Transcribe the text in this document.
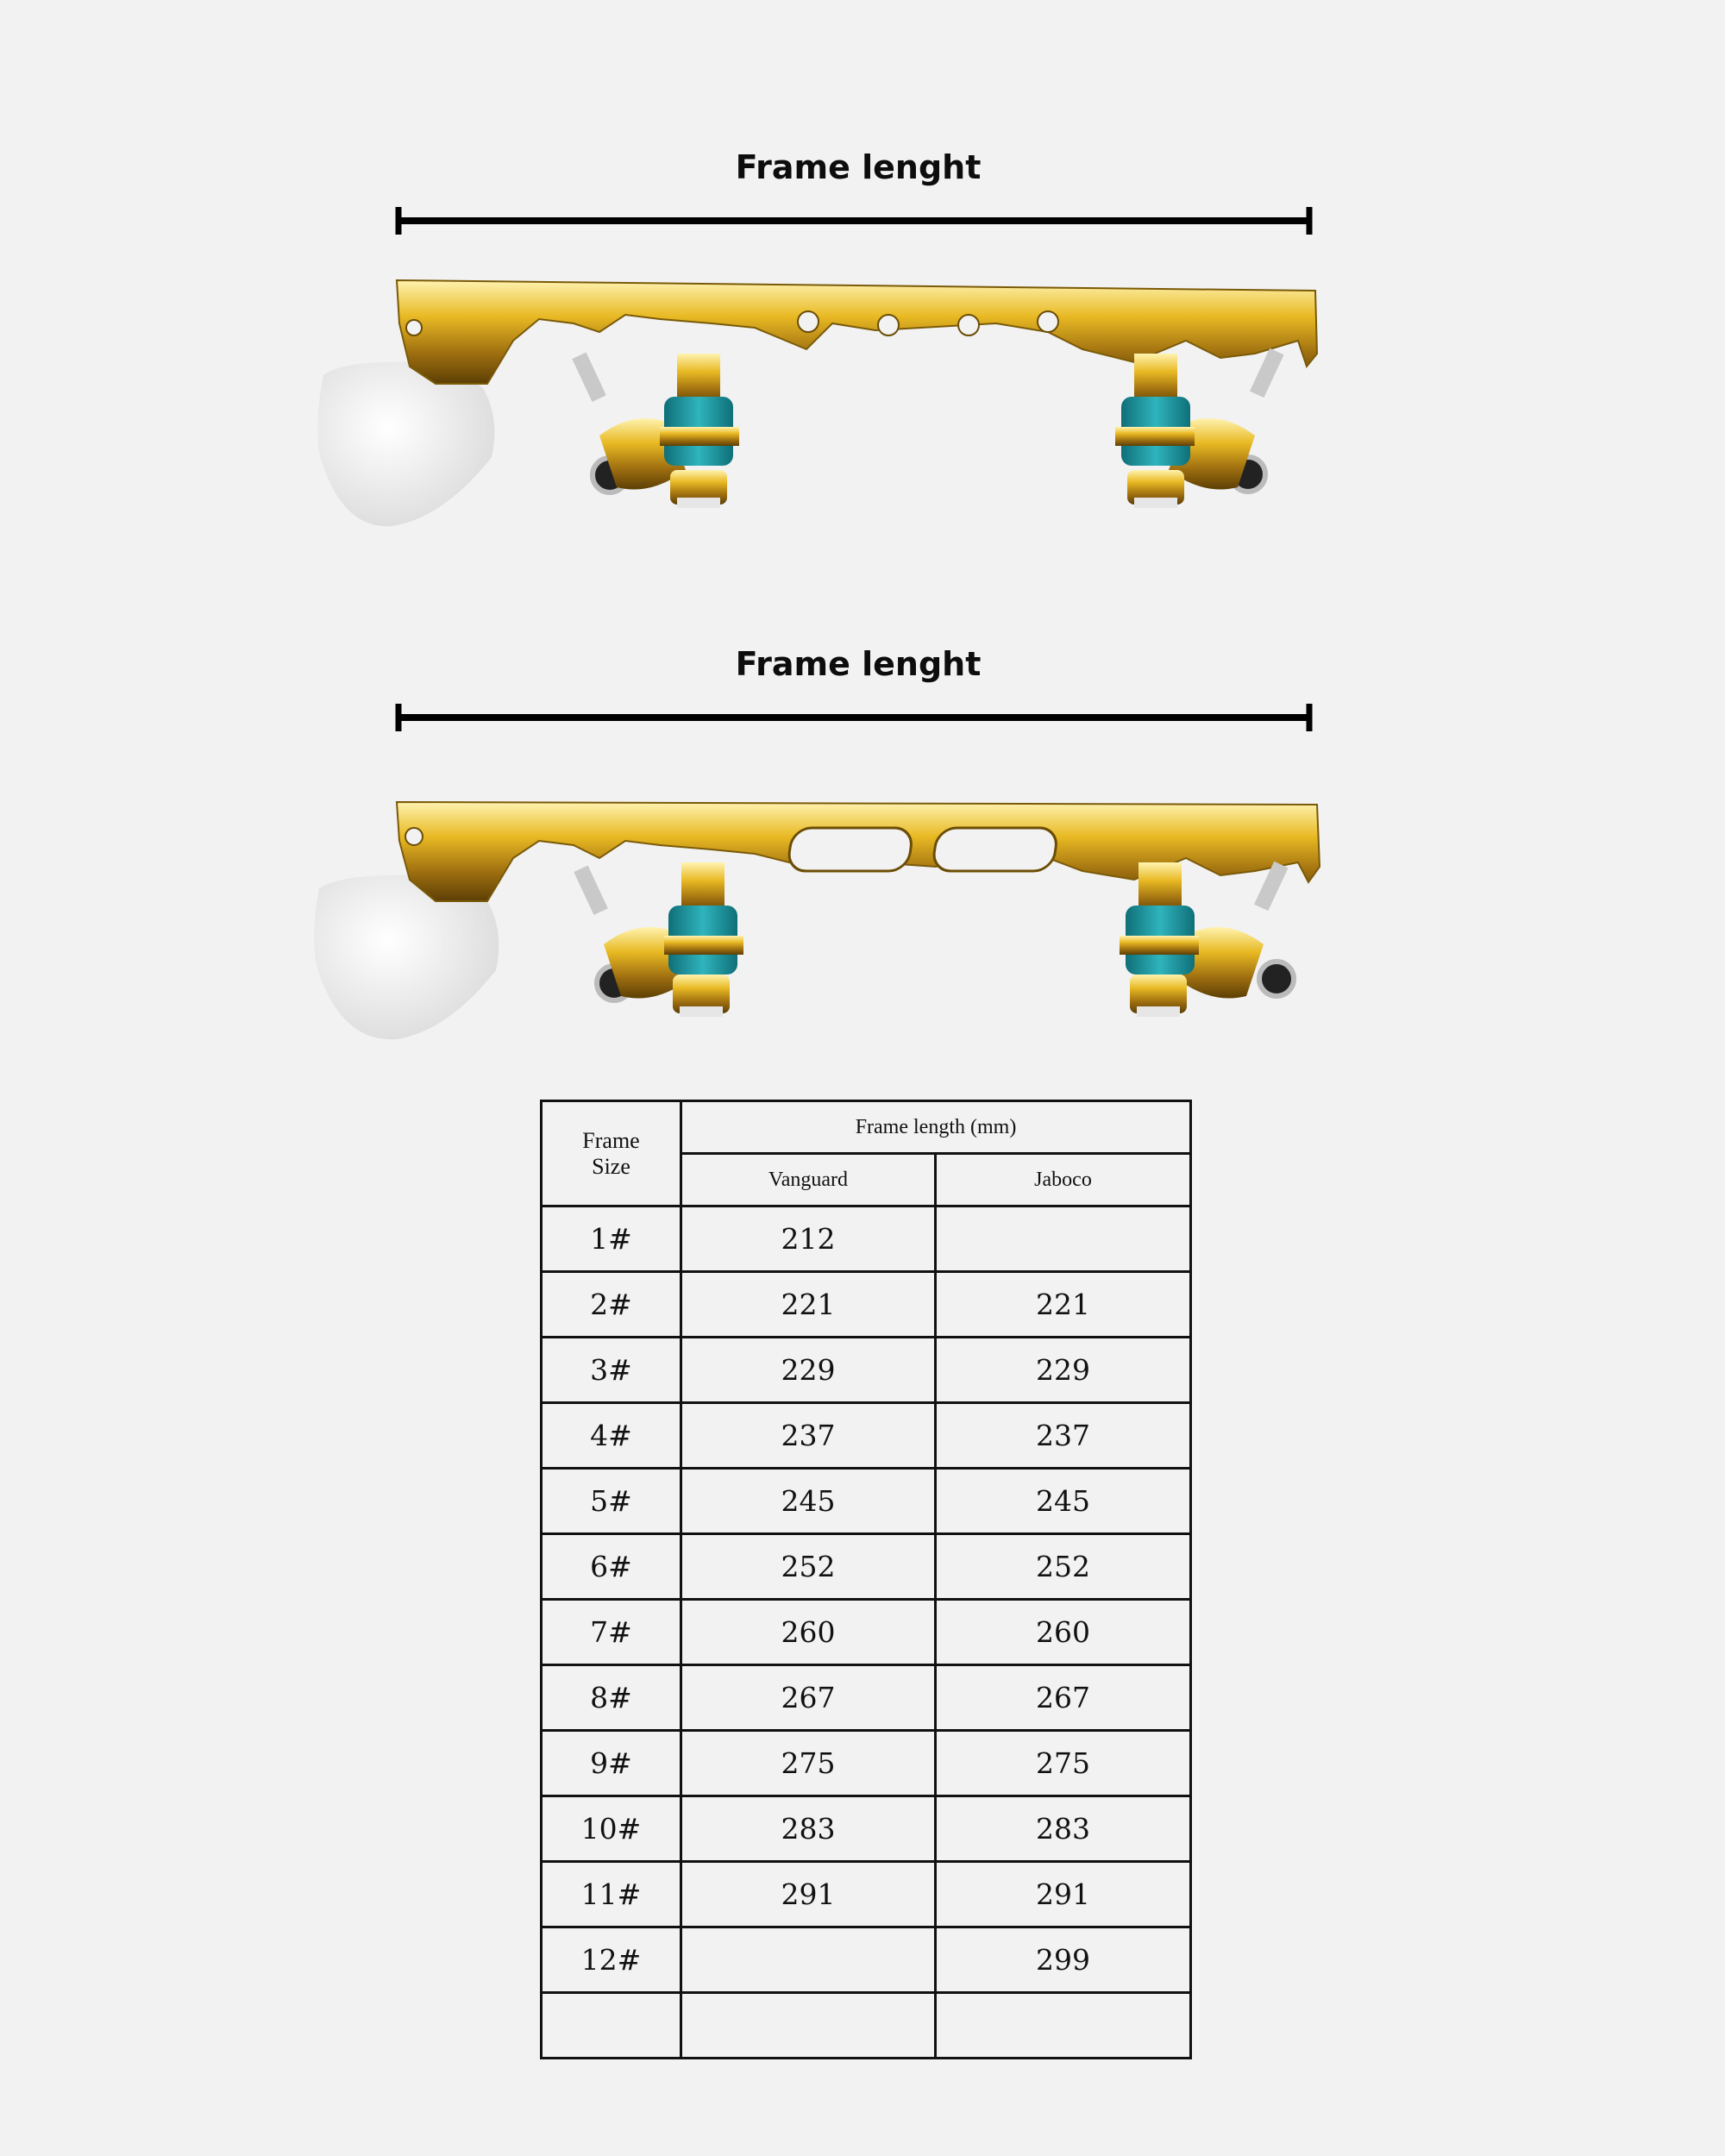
Frame lenght
Frame lenght
Frame
Size	Frame length (mm)	
	Vanguard	Jaboco
1#	212	
2#	221	221
3#	229	229
4#	237	237
5#	245	245
6#	252	252
7#	260	260
8#	267	267
9#	275	275
10#	283	283
11#	291	291
12#		299
